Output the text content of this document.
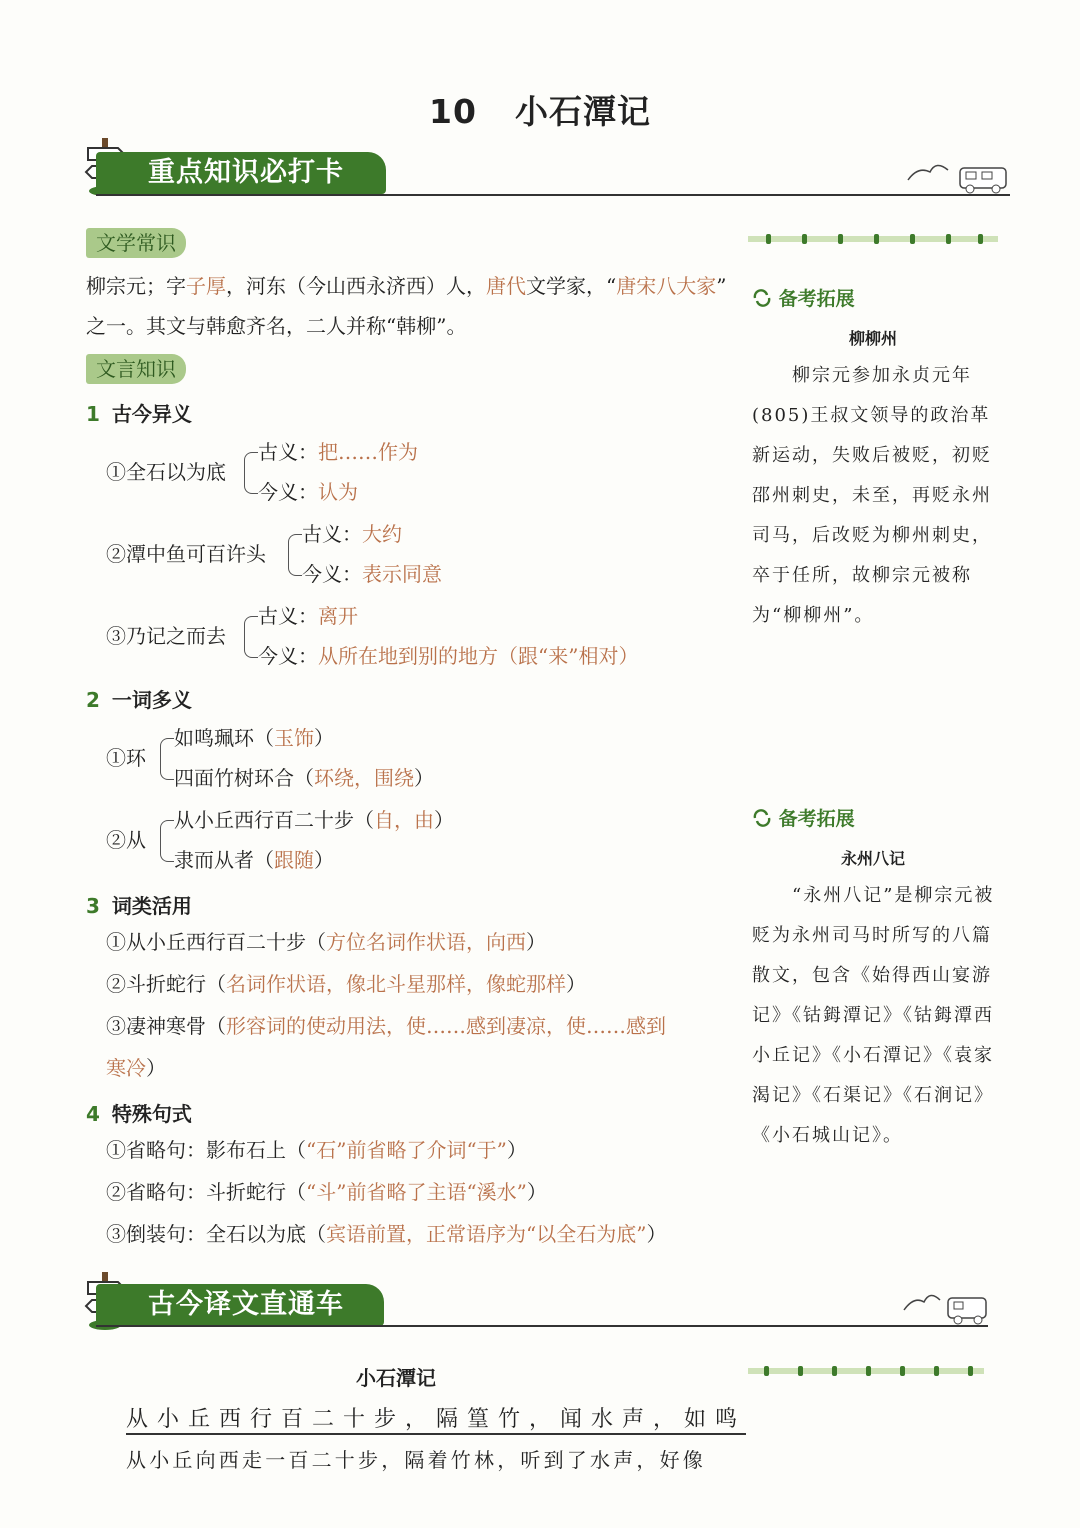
10 小石潭记
重点知识必打卡
文学常识
柳宗元；字子厚，河东（今山西永济西）人，唐代文学家，“唐宋八大家”
之一。其文与韩愈齐名，二人并称“韩柳”。
文言知识
1 古今异义
①全石以为底
古义：把……作为
今义：认为
②潭中鱼可百许头
古义：大约
今义：表示同意
③乃记之而去
古义：离开
今义：从所在地到别的地方（跟“来”相对）
2 一词多义
①环
如鸣珮环（玉饰）
四面竹树环合（环绕，围绕）
②从
从小丘西行百二十步（自，由）
隶而从者（跟随）
3 词类活用
①从小丘西行百二十步（方位名词作状语，向西）
②斗折蛇行（名词作状语，像北斗星那样，像蛇那样）
③凄神寒骨（形容词的使动用法，使……感到凄凉，使……感到
寒冷）
4 特殊句式
①省略句：影布石上（“石”前省略了介词“于”）
②省略句：斗折蛇行（“斗”前省略了主语“溪水”）
③倒装句：全石以为底（宾语前置，正常语序为“以全石为底”）
备考拓展
柳柳州
柳宗元参加永贞元年(805)王叔文领导的政治革新运动，失败后被贬，初贬邵州刺史，未至，再贬永州司马，后改贬为柳州刺史，卒于任所，故柳宗元被称为“柳柳州”。
备考拓展
永州八记
“永州八记”是柳宗元被贬为永州司马时所写的八篇散文，包含《始得西山宴游记》《钴鉧潭记》《钴鉧潭西小丘记》《小石潭记》《袁家渴记》《石渠记》《石涧记》《小石城山记》。
古今译文直通车
小石潭记
从小丘西行百二十步，隔篁竹，闻水声，如鸣
从小丘向西走一百二十步，隔着竹林，听到了水声，好像
